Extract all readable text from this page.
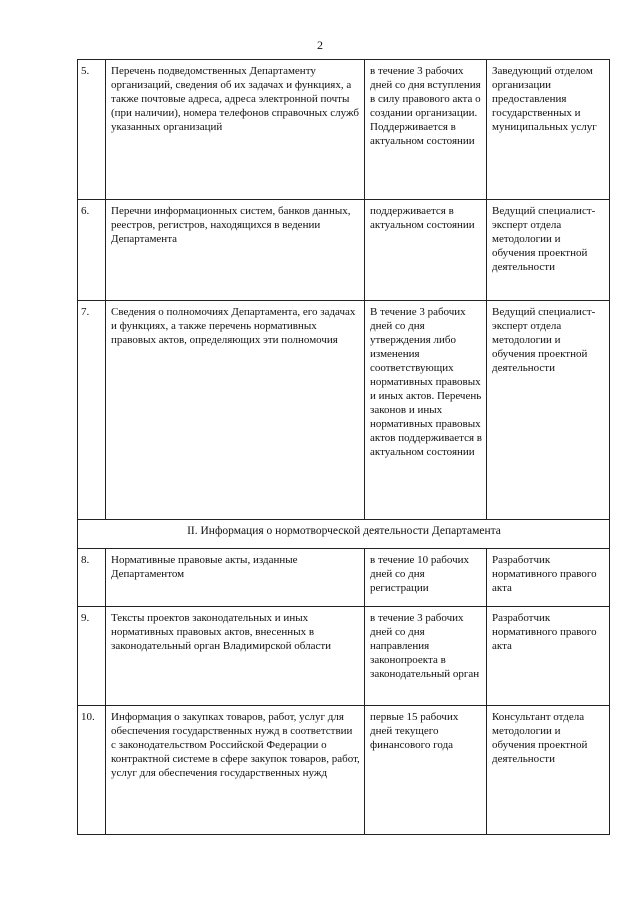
2
5.	Перечень подведомственных Департаменту организаций, сведения об их задачах и функциях, а также почтовые адреса, адреса электронной почты (при наличии), номера телефонов справочных служб указанных организаций	в течение 3 рабочих дней со дня вступления в силу правового акта о создании организации. Поддерживается в актуальном состоянии	Заведующий отделом организации предоставления государственных и муниципальных услуг
6.	Перечни информационных систем, банков данных, реестров, регистров, находящихся в ведении Департамента	поддерживается в актуальном состоянии	Ведущий специалист-эксперт отдела методологии и обучения проектной деятельности
7.	Сведения о полномочиях Департамента, его задачах и функциях, а также перечень нормативных правовых актов, определяющих эти полномочия	В течение 3 рабочих дней со дня утверждения либо изменения соответствующих нормативных правовых и иных актов. Перечень законов и иных нормативных правовых актов поддерживается в актуальном состоянии	Ведущий специалист-эксперт отдела методологии и обучения проектной деятельности
II. Информация о нормотворческой деятельности Департамента			
8.	Нормативные правовые акты, изданные Департаментом	в течение 10 рабочих дней со дня регистрации	Разработчик нормативного правого акта
9.	Тексты проектов законодательных и иных нормативных правовых актов, внесенных в законодательный орган Владимирской области	в течение 3 рабочих дней со дня направления законопроекта в законодательный орган	Разработчик нормативного правого акта
10.	Информация о закупках товаров, работ, услуг для обеспечения государственных нужд в соответствии с законодательством Российской Федерации о контрактной системе в сфере закупок товаров, работ, услуг для обеспечения государственных нужд	первые 15 рабочих дней текущего финансового года	Консультант отдела методологии и обучения проектной деятельности
